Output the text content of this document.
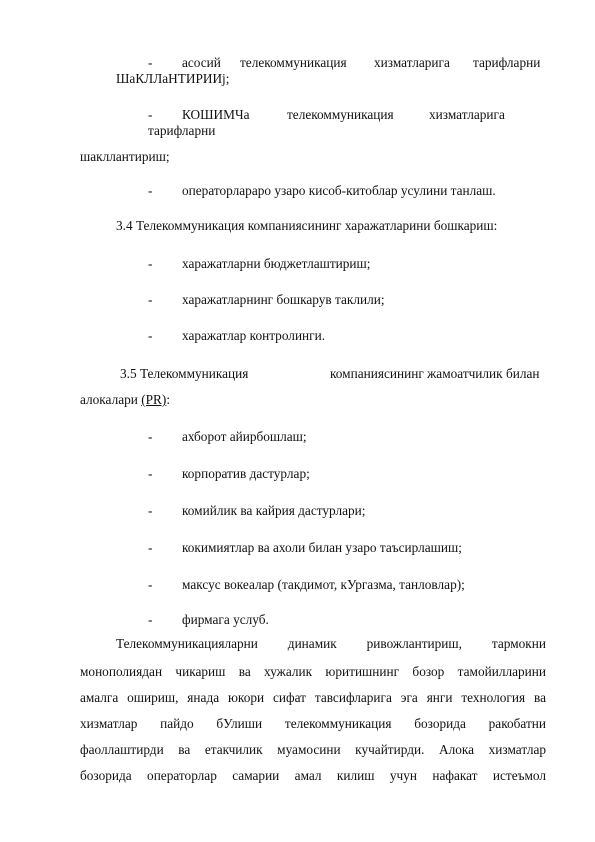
-	асосий телекоммуникация хизматларига тарифларни
ШаКЛЛаНТИРИИj;
-	КОШИМЧа	телекоммуникация	хизматларига
тарифларни
шакллантириш;
-	операторлараро узаро кисоб-китоблар усулини танлаш.
3.4 Телекоммуникация компаниясининг харажатларини бошкариш:
-	харажатларни бюджетлаштириш;
-	харажатларнинг бошкарув таклили;
-	харажатлар контролинги.
3.5 Телекоммуникация	компаниясининг жамоатчилик билан
алокалари (PR):
-	ахборот айирбошлаш;
-	корпоратив дастурлар;
-	комийлик ва кайрия дастурлари;
-	кокимиятлар ва ахоли билан узаро таъсирлашиш;
-	максус вокеалар (такдимот, кУргазма, танловлар);
-	фирмага услуб.
Телекоммуникацияларни динамик ривожлантириш, тармокни
монополиядан чикариш ва хужалик юритишнинг бозор тамойилларини
амалга ошириш, янада юкори сифат тавсифларига эга янги технология ва
хизматлар пайдо бУлиши телекоммуникация бозорида ракобатни
фаоллаштирди ва етакчилик муамосини кучайтирди. Алока хизматлар
бозорида операторлар самарии амал килиш учун нафакат истеъмол
